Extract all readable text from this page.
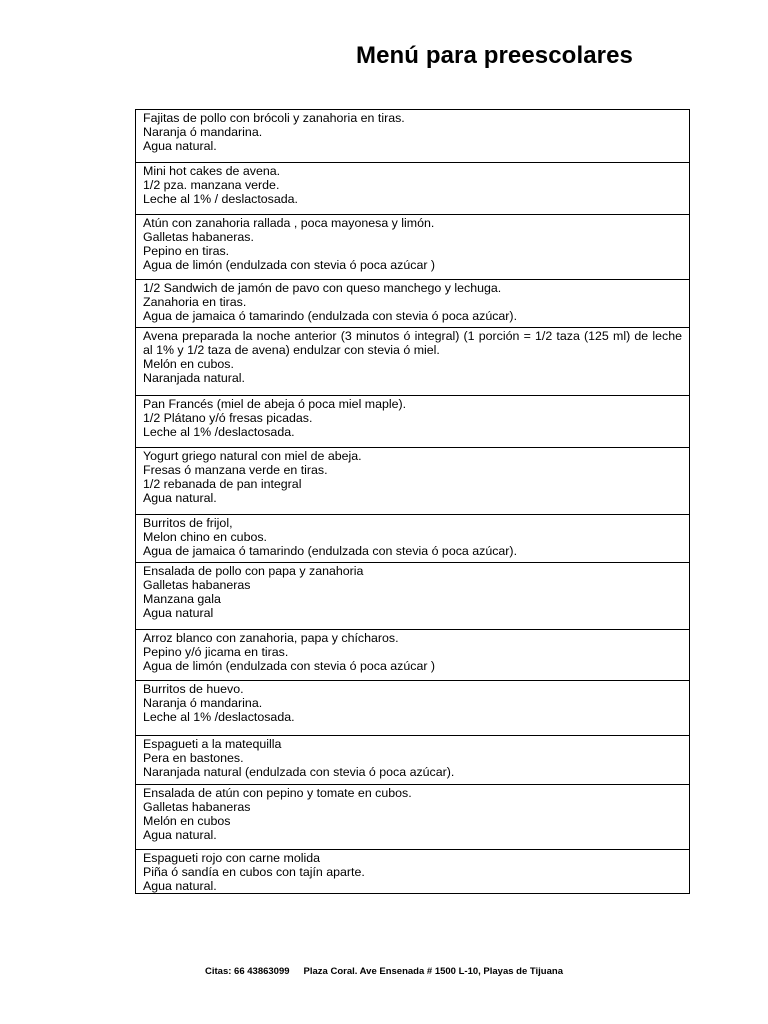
Menú para preescolares
Fajitas de pollo con brócoli y zanahoria en tiras.
Naranja ó mandarina.
Agua natural.

Mini hot cakes de avena.
1/2 pza. manzana verde.
Leche al 1% / deslactosada.

Atún con zanahoria rallada , poca mayonesa y limón.
Galletas habaneras.
Pepino en tiras.
Agua de limón (endulzada con stevia ó poca azúcar )

1/2 Sandwich de jamón de pavo con queso manchego y lechuga.
Zanahoria en tiras.
Agua de jamaica ó tamarindo (endulzada con stevia ó poca azúcar).

Avena preparada la noche anterior (3 minutos ó integral) (1 porción = 1/2 taza (125 ml) de leche al 1% y 1/2 taza de avena) endulzar con stevia ó miel.
Melón en cubos.
Naranjada natural.

Pan Francés (miel de abeja ó poca miel maple).
1/2 Plátano y/ó fresas picadas.
Leche al 1% /deslactosada.

Yogurt griego natural con miel de abeja.
Fresas ó manzana verde en tiras.
1/2 rebanada de pan integral
Agua natural.

Burritos de frijol,
Melon chino en cubos.
Agua de jamaica ó tamarindo (endulzada con stevia ó poca azúcar).

Ensalada de pollo con papa y zanahoria
Galletas habaneras
Manzana gala
Agua natural

Arroz blanco con zanahoria, papa y chícharos.
Pepino y/ó jicama en tiras.
Agua de limón (endulzada con stevia ó poca azúcar )

Burritos de huevo.
Naranja ó mandarina.
Leche al 1% /deslactosada.

Espagueti a la matequilla
Pera en bastones.
Naranjada natural (endulzada con stevia ó poca azúcar).

Ensalada de atún con pepino y tomate en cubos.
Galletas habaneras
Melón en cubos
Agua natural.

Espagueti rojo con carne molida
Piña ó sandía en cubos con tajín aparte.
Agua natural.
Citas: 66 43863099 Plaza Coral. Ave Ensenada # 1500 L-10, Playas de Tijuana
